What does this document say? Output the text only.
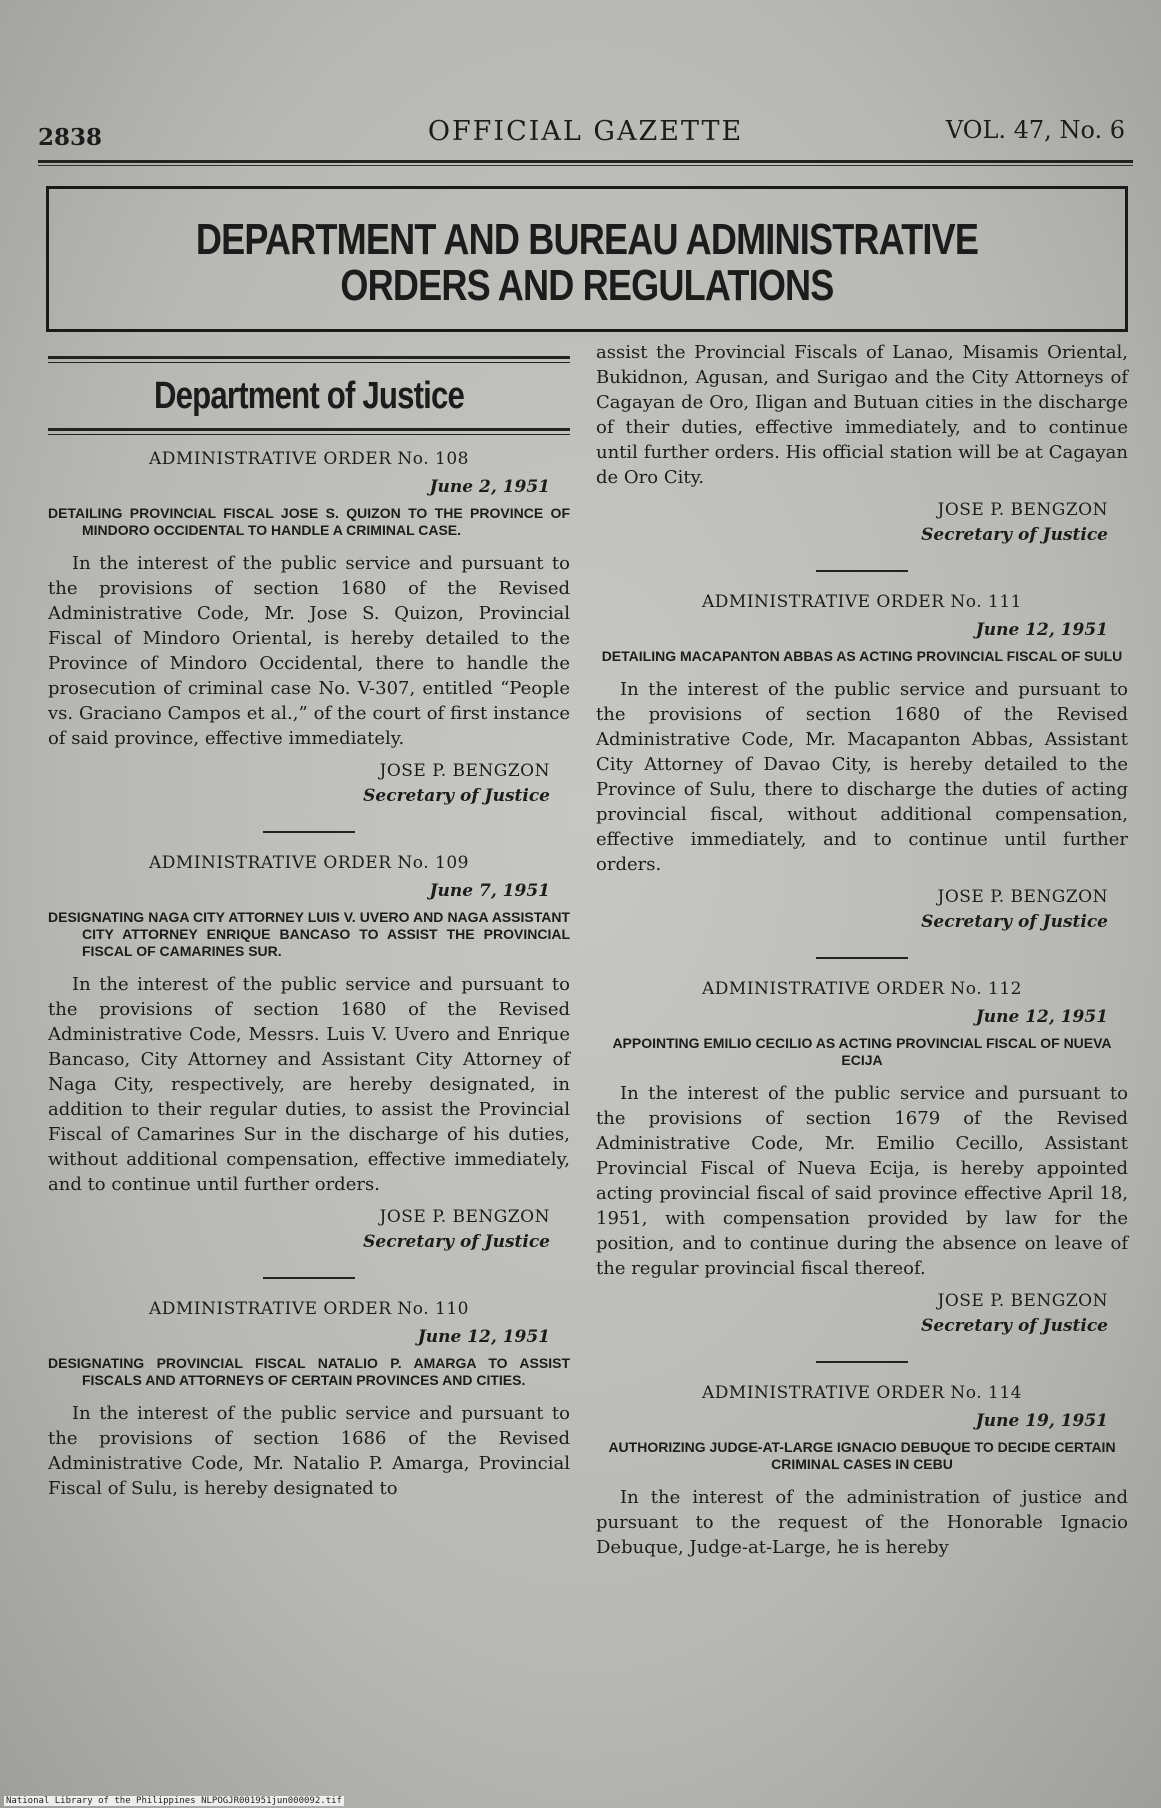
2838	OFFICIAL GAZETTE	VOL. 47, No. 6
DEPARTMENT AND BUREAU ADMINISTRATIVE
ORDERS AND REGULATIONS
Department of Justice
ADMINISTRATIVE ORDER No. 108
June 2, 1951
DETAILING PROVINCIAL FISCAL JOSE S. QUIZON TO THE PROVINCE OF MINDORO OCCIDENTAL TO HANDLE A CRIMINAL CASE.

In the interest of the public service and pursuant to the provisions of section 1680 of the Revised Administrative Code, Mr. Jose S. Quizon, Provincial Fiscal of Mindoro Oriental, is hereby detailed to the Province of Mindoro Occidental, there to handle the prosecution of criminal case No. V-307, entitled “People vs. Graciano Campos et al.,” of the court of first instance of said province, effective immediately.

JOSE P. BENGZON
Secretary of Justice
ADMINISTRATIVE ORDER No. 109
June 7, 1951
DESIGNATING NAGA CITY ATTORNEY LUIS V. UVERO AND NAGA ASSISTANT CITY ATTORNEY ENRIQUE BANCASO TO ASSIST THE PROVINCIAL FISCAL OF CAMARINES SUR.

In the interest of the public service and pursuant to the provisions of section 1680 of the Revised Administrative Code, Messrs. Luis V. Uvero and Enrique Bancaso, City Attorney and Assistant City Attorney of Naga City, respectively, are hereby designated, in addition to their regular duties, to assist the Provincial Fiscal of Camarines Sur in the discharge of his duties, without additional compensation, effective immediately, and to continue until further orders.

JOSE P. BENGZON
Secretary of Justice
ADMINISTRATIVE ORDER No. 110
June 12, 1951
DESIGNATING PROVINCIAL FISCAL NATALIO P. AMARGA TO ASSIST FISCALS AND ATTORNEYS OF CERTAIN PROVINCES AND CITIES.

In the interest of the public service and pursuant to the provisions of section 1686 of the Revised Administrative Code, Mr. Natalio P. Amarga, Provincial Fiscal of Sulu, is hereby designated to

assist the Provincial Fiscals of Lanao, Misamis Oriental, Bukidnon, Agusan, and Surigao and the City Attorneys of Cagayan de Oro, Iligan and Butuan cities in the discharge of their duties, effective immediately, and to continue until further orders. His official station will be at Cagayan de Oro City.

JOSE P. BENGZON
Secretary of Justice
ADMINISTRATIVE ORDER No. 111
June 12, 1951
DETAILING MACAPANTON ABBAS AS ACTING PROVINCIAL FISCAL OF SULU

In the interest of the public service and pursuant to the provisions of section 1680 of the Revised Administrative Code, Mr. Macapanton Abbas, Assistant City Attorney of Davao City, is hereby detailed to the Province of Sulu, there to discharge the duties of acting provincial fiscal, without additional compensation, effective immediately, and to continue until further orders.

JOSE P. BENGZON
Secretary of Justice
ADMINISTRATIVE ORDER No. 112
June 12, 1951
APPOINTING EMILIO CECILIO AS ACTING PROVINCIAL FISCAL OF NUEVA ECIJA

In the interest of the public service and pursuant to the provisions of section 1679 of the Revised Administrative Code, Mr. Emilio Cecillo, Assistant Provincial Fiscal of Nueva Ecija, is hereby appointed acting provincial fiscal of said province effective April 18, 1951, with compensation provided by law for the position, and to continue during the absence on leave of the regular provincial fiscal thereof.

JOSE P. BENGZON
Secretary of Justice
ADMINISTRATIVE ORDER No. 114
June 19, 1951
AUTHORIZING JUDGE-AT-LARGE IGNACIO DEBUQUE TO DECIDE CERTAIN CRIMINAL CASES IN CEBU

In the interest of the administration of justice and pursuant to the request of the Honorable Ignacio Debuque, Judge-at-Large, he is hereby

National Library of the Philippines NLPOGJR001951jun000092.tif
